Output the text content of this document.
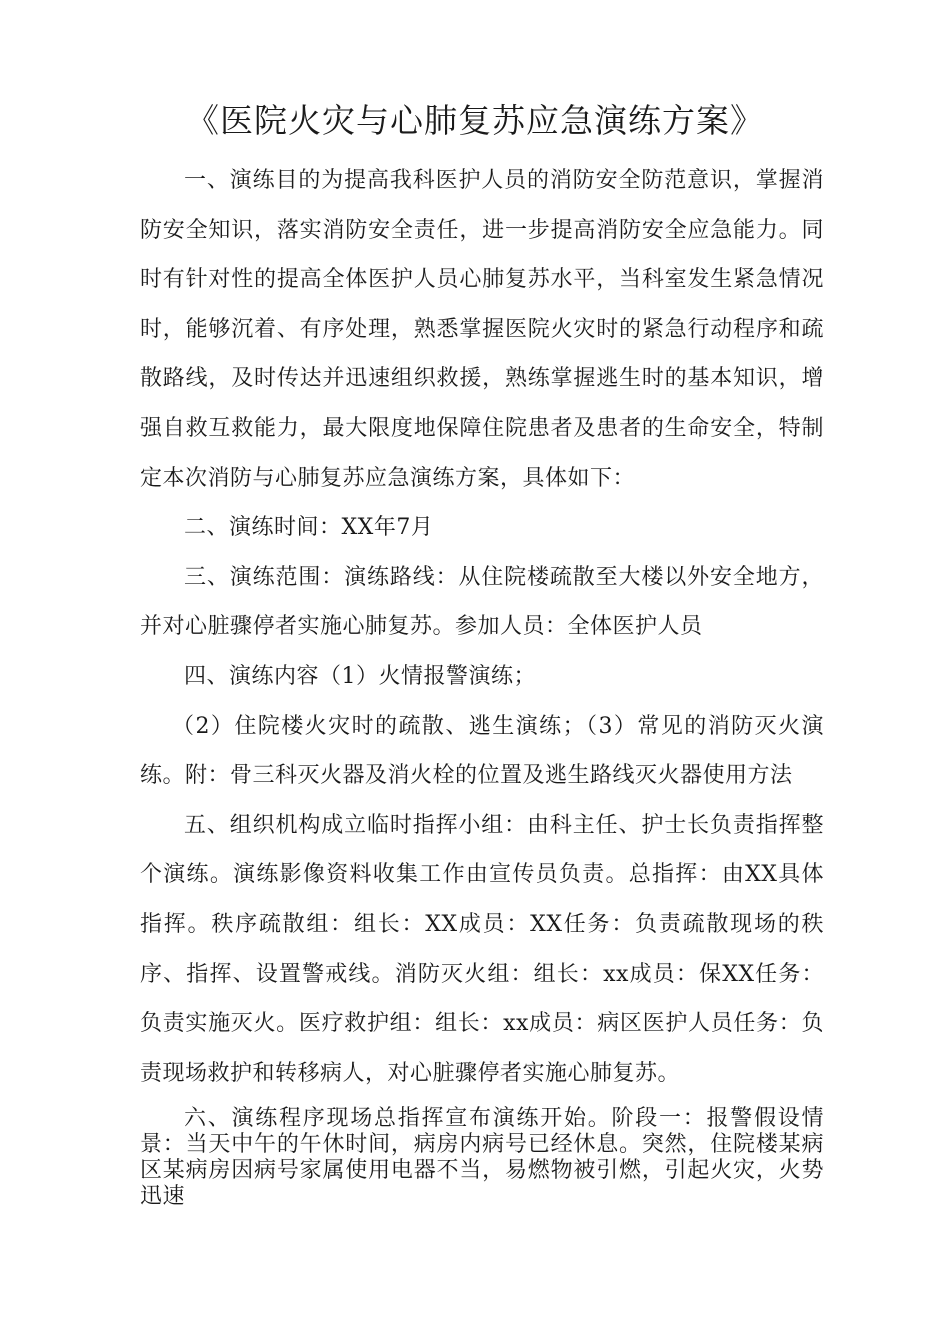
《医院火灾与心肺复苏应急演练方案》

一、演练目的为提高我科医护人员的消防安全防范意识，掌握消防安全知识，落实消防安全责任，进一步提高消防安全应急能力。同时有针对性的提高全体医护人员心肺复苏水平，当科室发生紧急情况时，能够沉着、有序处理，熟悉掌握医院火灾时的紧急行动程序和疏散路线，及时传达并迅速组织救援，熟练掌握逃生时的基本知识，增强自救互救能力，最大限度地保障住院患者及患者的生命安全，特制定本次消防与心肺复苏应急演练方案，具体如下：

二、演练时间：XX年7月

三、演练范围：演练路线：从住院楼疏散至大楼以外安全地方，并对心脏骤停者实施心肺复苏。参加人员：全体医护人员

四、演练内容（1）火情报警演练；

（2）住院楼火灾时的疏散、逃生演练；（3）常见的消防灭火演练。附：骨三科灭火器及消火栓的位置及逃生路线灭火器使用方法

五、组织机构成立临时指挥小组：由科主任、护士长负责指挥整个演练。演练影像资料收集工作由宣传员负责。总指挥：由XX具体指挥。秩序疏散组：组长：XX成员：XX任务：负责疏散现场的秩序、指挥、设置警戒线。消防灭火组：组长：xx成员：保XX任务：负责实施灭火。医疗救护组：组长：xx成员：病区医护人员任务：负责现场救护和转移病人，对心脏骤停者实施心肺复苏。

六、演练程序现场总指挥宣布演练开始。阶段一：报警假设情景：当天中午的午休时间，病房内病号已经休息。突然，住院楼某病区某病房因病号家属使用电器不当，易燃物被引燃，引起火灾，火势迅速
